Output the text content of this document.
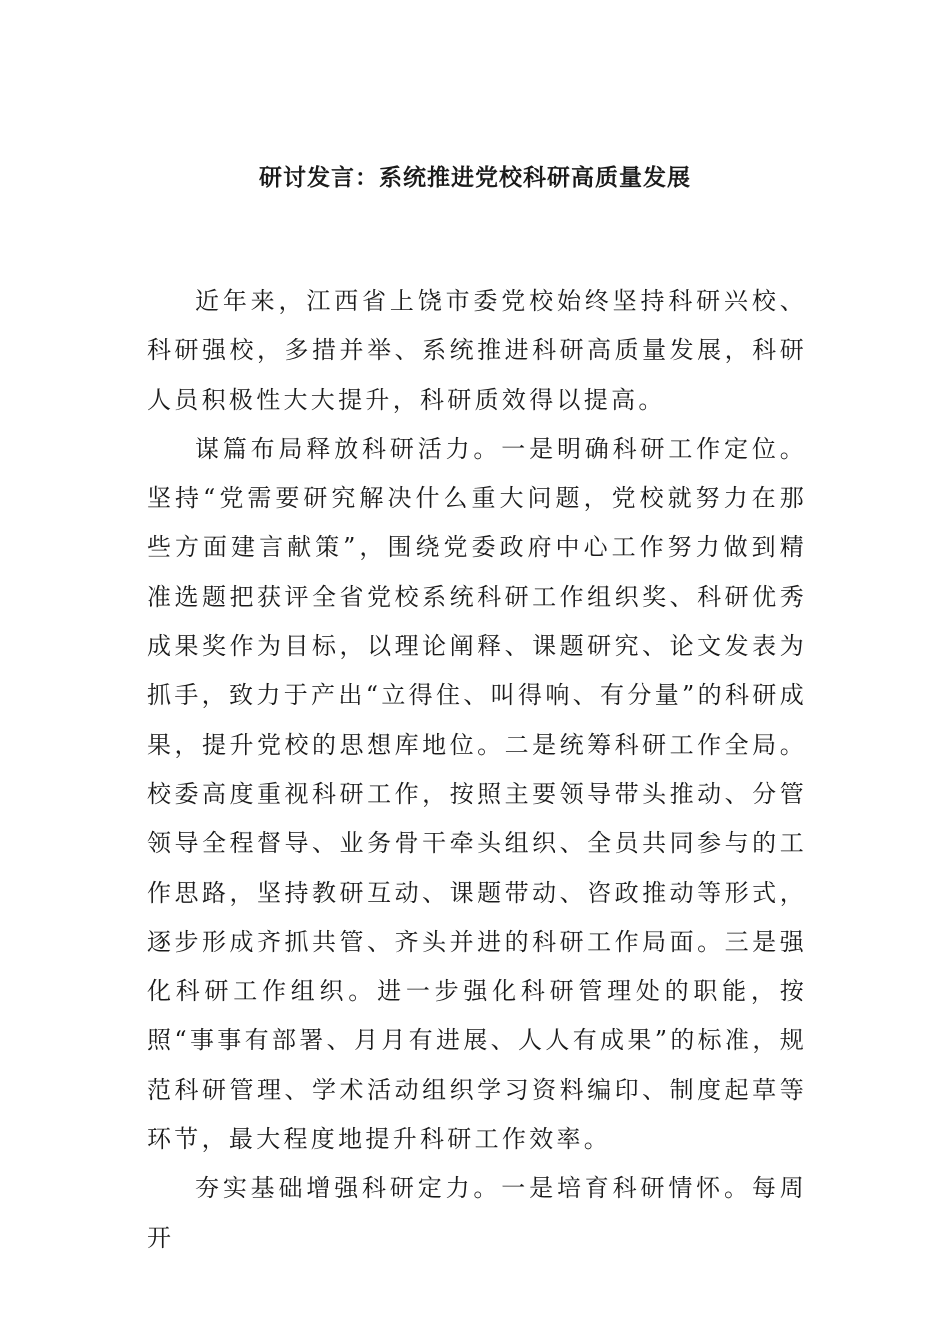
研讨发言：系统推进党校科研高质量发展

近年来，江西省上饶市委党校始终坚持科研兴校、科研强校，多措并举、系统推进科研高质量发展，科研人员积极性大大提升，科研质效得以提高。

谋篇布局释放科研活力。一是明确科研工作定位。坚持“党需要研究解决什么重大问题，党校就努力在那些方面建言献策”，围绕党委政府中心工作努力做到精准选题把获评全省党校系统科研工作组织奖、科研优秀成果奖作为目标，以理论阐释、课题研究、论文发表为抓手，致力于产出“立得住、叫得响、有分量”的科研成果，提升党校的思想库地位。二是统筹科研工作全局。校委高度重视科研工作，按照主要领导带头推动、分管领导全程督导、业务骨干牵头组织、全员共同参与的工作思路，坚持教研互动、课题带动、咨政推动等形式，逐步形成齐抓共管、齐头并进的科研工作局面。三是强化科研工作组织。进一步强化科研管理处的职能，按照“事事有部署、月月有进展、人人有成果”的标准，规范科研管理、学术活动组织学习资料编印、制度起草等环节，最大程度地提升科研工作效率。

夯实基础增强科研定力。一是培育科研情怀。每周开
